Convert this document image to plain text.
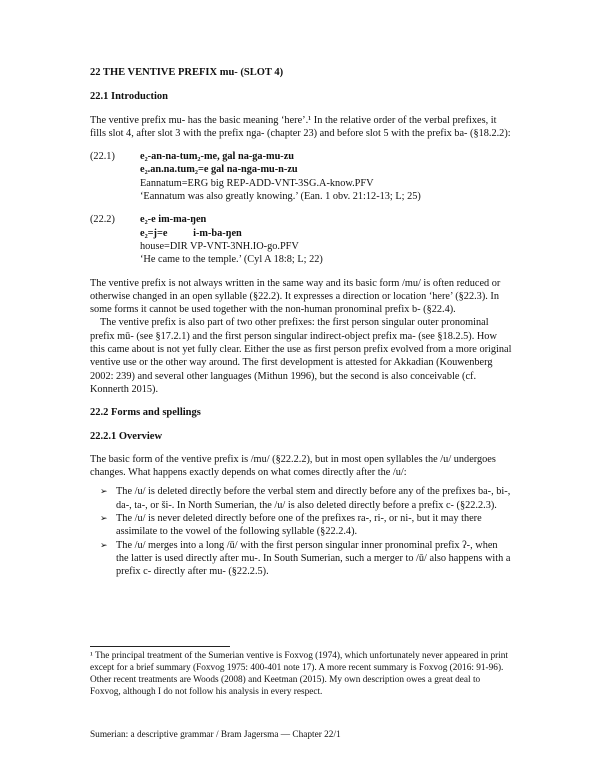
22 THE VENTIVE PREFIX mu- (SLOT 4)
22.1 Introduction

The ventive prefix mu- has the basic meaning ‘here’.¹ In the relative order of the verbal prefixes, it fills slot 4, after slot 3 with the prefix nga- (chapter 23) and before slot 5 with the prefix ba- (§18.2.2):

(22.1)	e₂-an-na-tum₂-me, gal na-ga-mu-zu
e₂.an.na.tum₂=e gal na-nga-mu-n-zu
Eannatum=ERG big REP-ADD-VNT-3SG.A-know.PFV
‘Eannatum was also greatly knowing.’ (Ean. 1 obv. 21:12-13; L; 25)
(22.2)	e₂-e im-ma-ŋen
e₂=j=e          i-m-ba-ŋen
house=DIR VP-VNT-3NH.IO-go.PFV
‘He came to the temple.’ (Cyl A 18:8; L; 22)

The ventive prefix is not always written in the same way and its basic form /mu/ is often reduced or otherwise changed in an open syllable (§22.2). It expresses a direction or location ‘here’ (§22.3). In some forms it cannot be used together with the non-human pronominal prefix b- (§22.4).

The ventive prefix is also part of two other prefixes: the first person singular outer pronominal prefix mū- (see §17.2.1) and the first person singular indirect-object prefix ma- (see §18.2.5). How this came about is not yet fully clear. Either the use as first person prefix evolved from a more original ventive use or the other way around. The first development is attested for Akkadian (Kouwenberg 2002: 239) and several other languages (Mithun 1996), but the second is also conceivable (cf. Konnerth 2015).

22.2 Forms and spellings
22.2.1 Overview

The basic form of the ventive prefix is /mu/ (§22.2.2), but in most open syllables the /u/ undergoes changes. What happens exactly depends on what comes directly after the /u/:

➢ The /u/ is deleted directly before the verbal stem and directly before any of the prefixes ba-, bi-, da-, ta-, or ši-. In North Sumerian, the /u/ is also deleted directly before a prefix c- (§22.2.3).
➢ The /u/ is never deleted directly before one of the prefixes ra-, ri-, or ni-, but it may there assimilate to the vowel of the following syllable (§22.2.4).
➢ The /u/ merges into a long /ū/ with the first person singular inner pronominal prefix ʔ-, when the latter is used directly after mu-. In South Sumerian, such a merger to /ū/ also happens with a prefix c- directly after mu- (§22.2.5).
¹ The principal treatment of the Sumerian ventive is Foxvog (1974), which unfortunately never appeared in print except for a brief summary (Foxvog 1975: 400-401 note 17). A more recent summary is Foxvog (2016: 91-96). Other recent treatments are Woods (2008) and Keetman (2015). My own description owes a great deal to Foxvog, although I do not follow his analysis in every respect.
Sumerian: a descriptive grammar / Bram Jagersma — Chapter 22/1
